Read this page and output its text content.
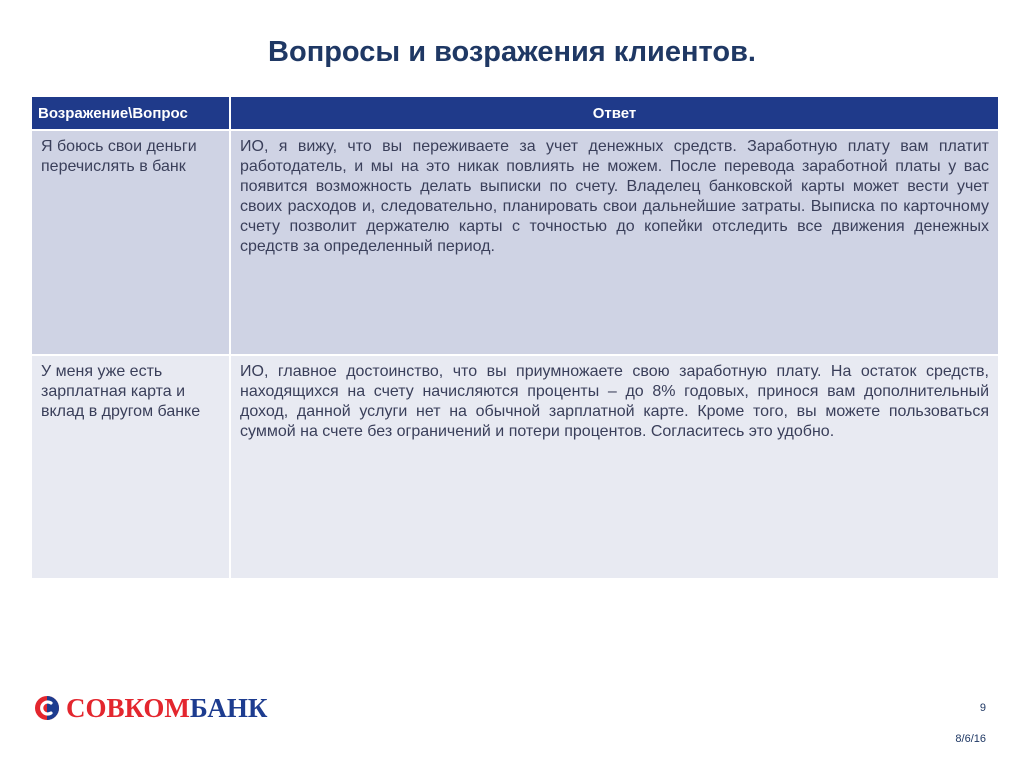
Вопросы и возражения клиентов.
Возражение\Вопрос	Ответ
Я боюсь свои деньги перечислять в банк	ИО, я вижу, что вы переживаете за учет денежных средств. Заработную плату вам платит работодатель, и мы на это никак повлиять не можем. После перевода заработной платы у вас появится возможность делать выписки по счету. Владелец банковской карты может вести учет своих расходов и, следовательно, планировать свои дальнейшие затраты. Выписка по карточному счету позволит держателю карты с точностью до копейки отследить все движения денежных средств за определенный период.
У меня уже есть зарплатная карта и вклад в другом банке	ИО, главное достоинство, что вы приумножаете свою заработную плату. На остаток средств, находящихся на счету начисляются проценты – до 8% годовых, принося вам дополнительный доход, данной услуги нет на обычной зарплатной карте. Кроме того, вы можете пользоваться суммой на счете без ограничений и потери процентов. Согласитесь это удобно.
СОВКОМБАНК	9
8/6/16
